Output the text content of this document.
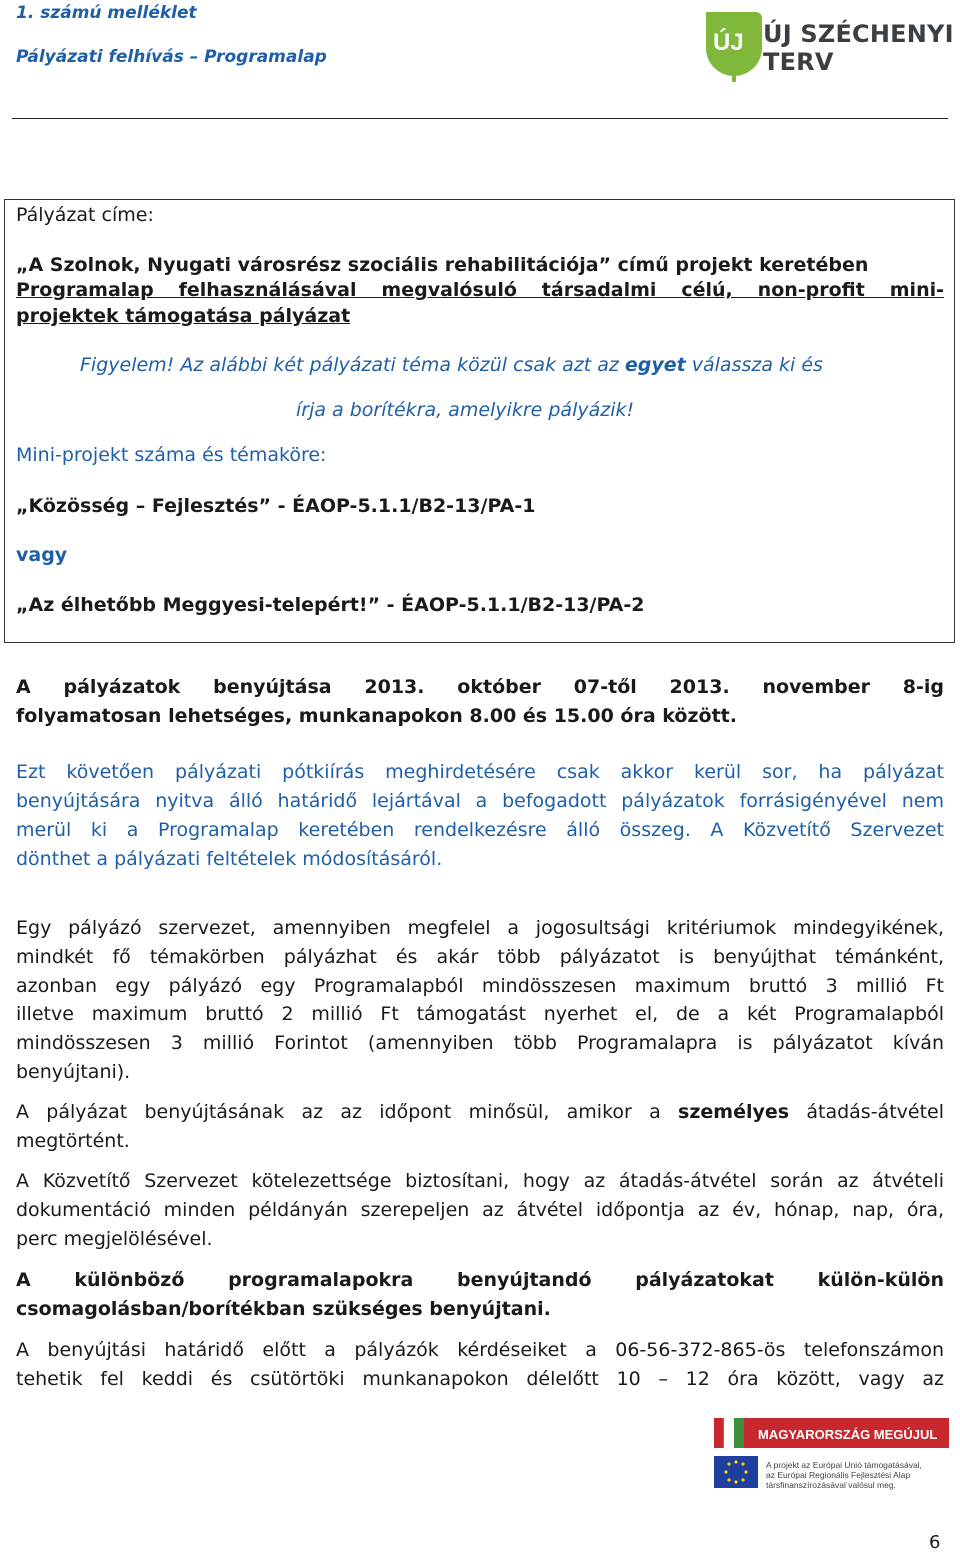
1. számú melléklet
Pályázati felhívás – Programalap
ÚJ ÚJ SZÉCHENYI TERV
Pályázat címe:
„A Szolnok, Nyugati városrész szociális rehabilitációja” című projekt keretében
Programalap felhasználásával megvalósuló társadalmi célú, non-profit mini-
projektek támogatása pályázat
Figyelem! Az alábbi két pályázati téma közül csak azt az egyet válassza ki és
írja a borítékra, amelyikre pályázik!
Mini-projekt száma és témaköre:
„Közösség – Fejlesztés” - ÉAOP-5.1.1/B2-13/PA-1
vagy
„Az élhetőbb Meggyesi-telepért!” - ÉAOP-5.1.1/B2-13/PA-2
A pályázatok benyújtása 2013. október 07-től 2013. november 8-ig
folyamatosan lehetséges, munkanapokon 8.00 és 15.00 óra között.
Ezt követően pályázati pótkiírás meghirdetésére csak akkor kerül sor, ha pályázat
benyújtására nyitva álló határidő lejártával a befogadott pályázatok forrásigényével nem
merül ki a Programalap keretében rendelkezésre álló összeg. A Közvetítő Szervezet
dönthet a pályázati feltételek módosításáról.
Egy pályázó szervezet, amennyiben megfelel a jogosultsági kritériumok mindegyikének,
mindkét fő témakörben pályázhat és akár több pályázatot is benyújthat témánként,
azonban egy pályázó egy Programalapból mindösszesen maximum bruttó 3 millió Ft
illetve maximum bruttó 2 millió Ft támogatást nyerhet el, de a két Programalapból
mindösszesen 3 millió Forintot (amennyiben több Programalapra is pályázatot kíván
benyújtani).
A pályázat benyújtásának az az időpont minősül, amikor a személyes átadás-átvétel
megtörtént.
A Közvetítő Szervezet kötelezettsége biztosítani, hogy az átadás-átvétel során az átvételi
dokumentáció minden példányán szerepeljen az átvétel időpontja az év, hónap, nap, óra,
perc megjelölésével.
A különböző programalapokra benyújtandó pályázatokat külön-külön
csomagolásban/borítékban szükséges benyújtani.
A benyújtási határidő előtt a pályázók kérdéseiket a 06-56-372-865-ös telefonszámon
tehetik fel keddi és csütörtöki munkanapokon délelőtt 10 – 12 óra között, vagy az
MAGYARORSZÁG MEGÚJUL
A projekt az Európai Unió támogatásával,
az Európai Regionális Fejlesztési Alap
társfinanszírozásával valósul meg.
6
